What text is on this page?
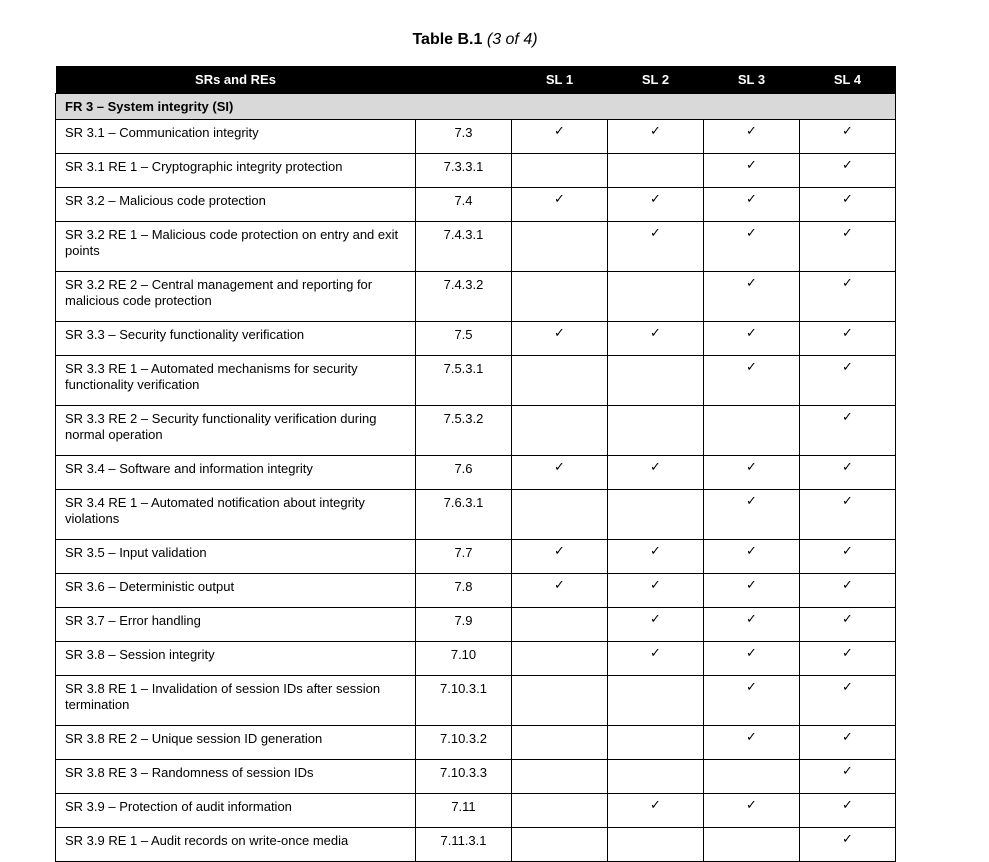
Table B.1 (3 of 4)
SRs and REs		SL 1	SL 2	SL 3	SL 4
FR 3 – System integrity (SI)					
SR 3.1 – Communication integrity	7.3	✓	✓	✓	✓
SR 3.1 RE 1 – Cryptographic integrity protection	7.3.3.1			✓	✓
SR 3.2 – Malicious code protection	7.4	✓	✓	✓	✓
SR 3.2 RE 1 – Malicious code protection on entry and exit points	7.4.3.1		✓	✓	✓
SR 3.2 RE 2 – Central management and reporting for malicious code protection	7.4.3.2			✓	✓
SR 3.3 – Security functionality verification	7.5	✓	✓	✓	✓
SR 3.3 RE 1 – Automated mechanisms for security functionality verification	7.5.3.1			✓	✓
SR 3.3 RE 2 – Security functionality verification during normal operation	7.5.3.2				✓
SR 3.4 – Software and information integrity	7.6	✓	✓	✓	✓
SR 3.4 RE 1 – Automated notification about integrity violations	7.6.3.1			✓	✓
SR 3.5 – Input validation	7.7	✓	✓	✓	✓
SR 3.6 – Deterministic output	7.8	✓	✓	✓	✓
SR 3.7 – Error handling	7.9		✓	✓	✓
SR 3.8 – Session integrity	7.10		✓	✓	✓
SR 3.8 RE 1 – Invalidation of session IDs after session termination	7.10.3.1			✓	✓
SR 3.8 RE 2 – Unique session ID generation	7.10.3.2			✓	✓
SR 3.8 RE 3 – Randomness of session IDs	7.10.3.3				✓
SR 3.9 – Protection of audit information	7.11		✓	✓	✓
SR 3.9 RE 1 – Audit records on write-once media	7.11.3.1				✓
